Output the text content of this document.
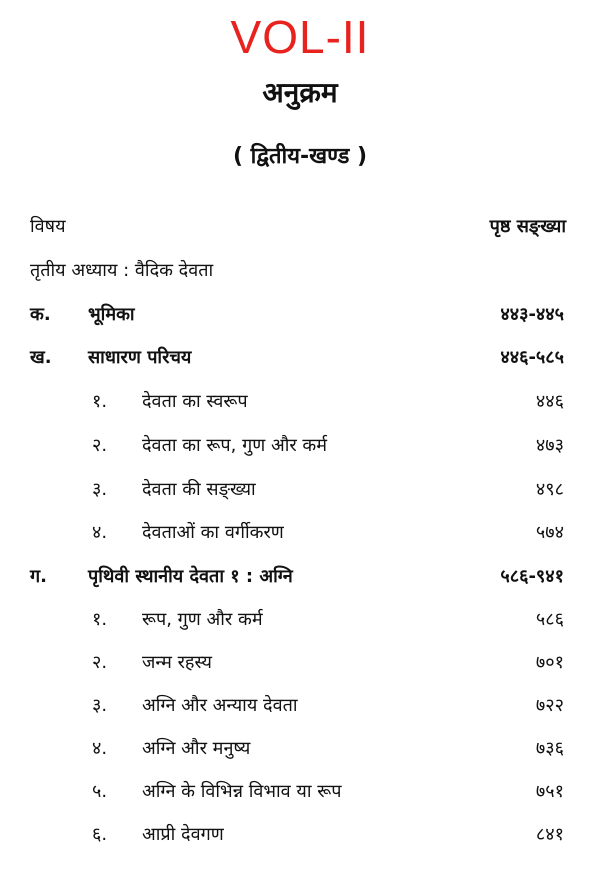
VOL-II
अनुक्रम
( द्वितीय-खण्ड )
विषय	पृष्ठ सङ्ख्या
तृतीय अध्याय : वैदिक देवता
क. भूमिका	४४३-४४५
ख. साधारण परिचय	४४६-५८५
१. देवता का स्वरूप	४४६
२. देवता का रूप, गुण और कर्म	४७३
३. देवता की सङ्ख्या	४९८
४. देवताओं का वर्गीकरण	५७४
ग. पृथिवी स्थानीय देवता १ : अग्नि	५८६-९४१
१. रूप, गुण और कर्म	५८६
२. जन्म रहस्य	७०१
३. अग्नि और अन्याय देवता	७२२
४. अग्नि और मनुष्य	७३६
५. अग्नि के विभिन्न विभाव या रूप	७५१
६. आप्री देवगण	८४१
